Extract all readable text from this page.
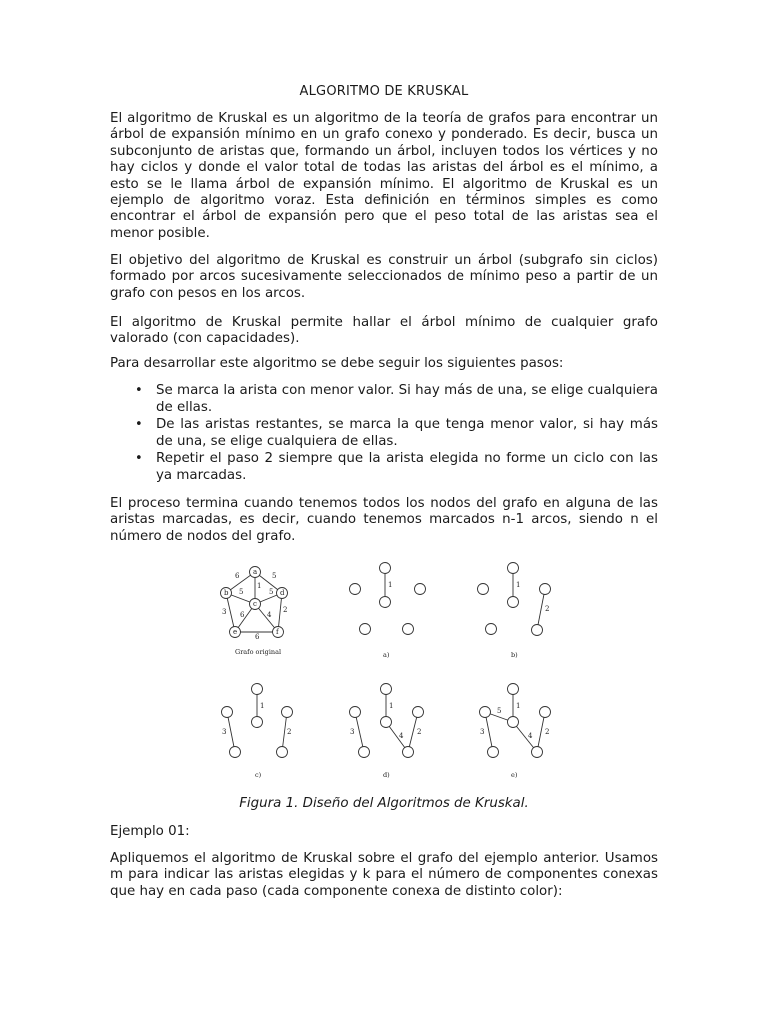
ALGORITMO DE KRUSKAL

El algoritmo de Kruskal es un algoritmo de la teoría de grafos para encontrar un árbol de expansión mínimo en un grafo conexo y ponderado. Es decir, busca un subconjunto de aristas que, formando un árbol, incluyen todos los vértices y no hay ciclos y donde el valor total de todas las aristas del árbol es el mínimo, a esto se le llama árbol de expansión mínimo. El algoritmo de Kruskal es un ejemplo de algoritmo voraz. Esta definición en términos simples es como encontrar el árbol de expansión pero que el peso total de las aristas sea el menor posible.

El objetivo del algoritmo de Kruskal es construir un árbol (subgrafo sin ciclos) formado por arcos sucesivamente seleccionados de mínimo peso a partir de un grafo con pesos en los arcos.

El algoritmo de Kruskal permite hallar el árbol mínimo de cualquier grafo valorado (con capacidades).

Para desarrollar este algoritmo se debe seguir los siguientes pasos:

• Se marca la arista con menor valor. Si hay más de una, se elige cualquiera de ellas.
• De las aristas restantes, se marca la que tenga menor valor, si hay más de una, se elige cualquiera de ellas.
• Repetir el paso 2 siempre que la arista elegida no forme un ciclo con las ya marcadas.

El proceso termina cuando tenemos todos los nodos del grafo en alguna de las aristas marcadas, es decir, cuando tenemos marcados n-1 arcos, siendo n el número de nodos del grafo.

a
b
c
d
e	f
6	5
5
1
5
3 6	4
2
6
Grafo original
1
a)
1
2
b)
1
3	2
c)
1
3	4 2
d)
1
5
3	4 2
e)
Figura 1. Diseño del Algoritmos de Kruskal.

Ejemplo 01:

Apliquemos el algoritmo de Kruskal sobre el grafo del ejemplo anterior. Usamos m para indicar las aristas elegidas y k para el número de componentes conexas que hay en cada paso (cada componente conexa de distinto color):
